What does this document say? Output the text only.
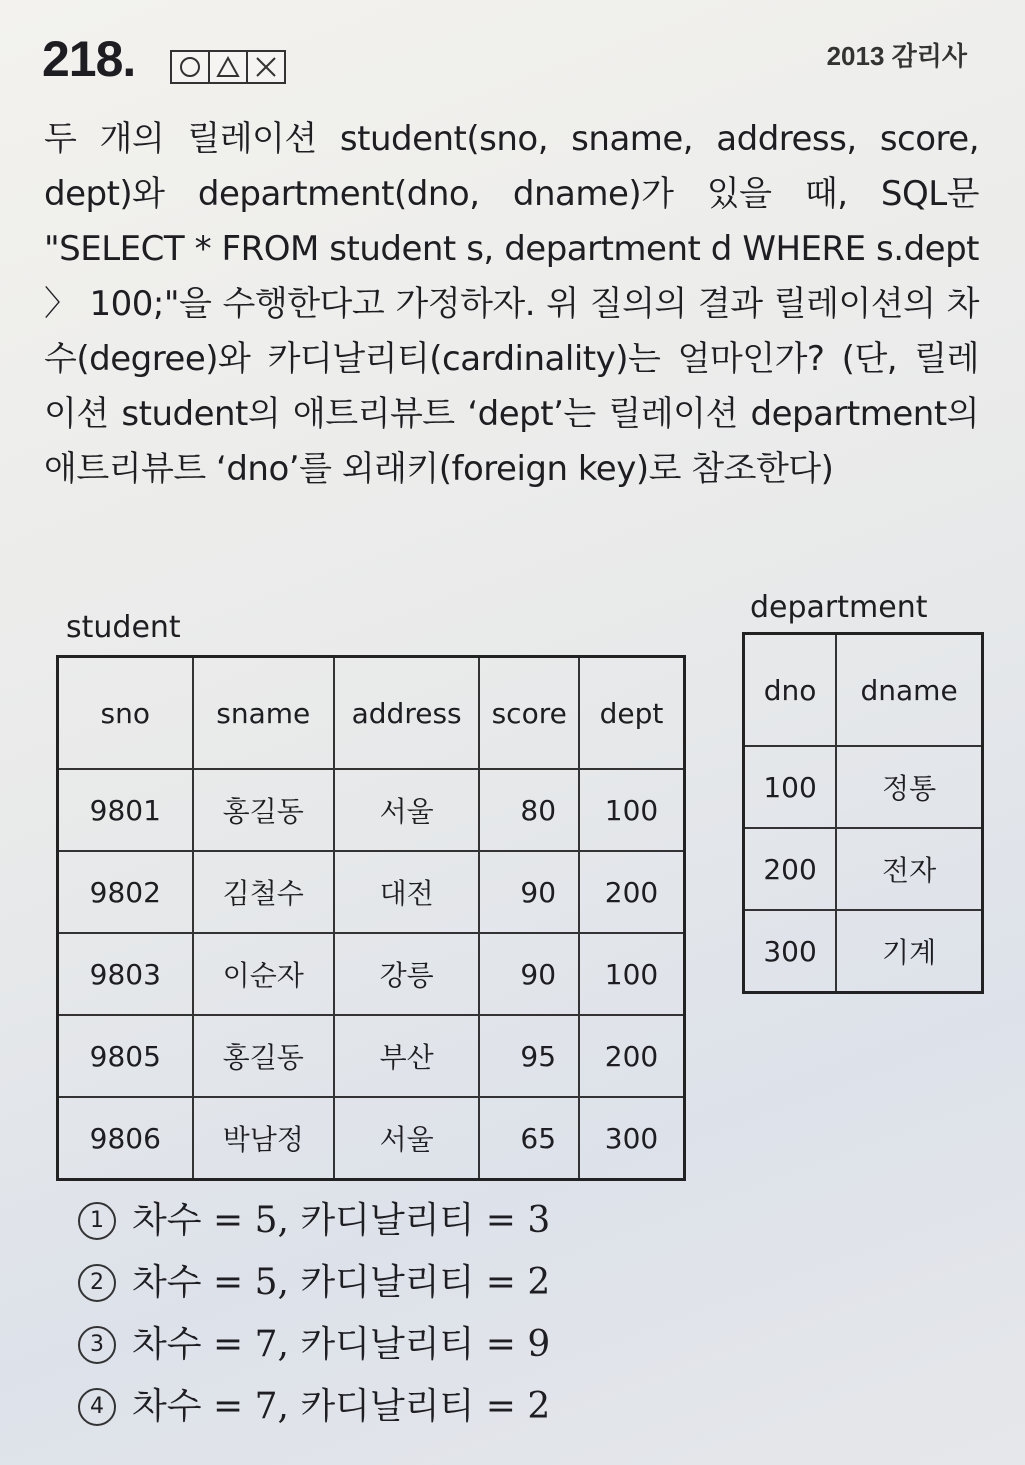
218.	2013 감리사
두 개의 릴레이션 student(sno, sname, address, score, dept)와 department(dno, dname)가 있을 때, SQL문 "SELECT * FROM student s, department d WHERE s.dept 〉 100;"을 수행한다고 가정하자. 위 질의의 결과 릴레이션의 차수(degree)와 카디날리티(cardinality)는 얼마인가? (단, 릴레이션 student의 애트리뷰트 ‘dept’는 릴레이션 department의 애트리뷰트 ‘dno’를 외래키(foreign key)로 참조한다)
student
sno	sname	address	score	dept
9801	홍길동	서울	80	100
9802	김철수	대전	90	200
9803	이순자	강릉	90	100
9805	홍길동	부산	95	200
9806	박남정	서울	65	300
department
dno	dname
100	정통
200	전자
300	기계
1 차수 = 5, 카디날리티 = 3
2 차수 = 5, 카디날리티 = 2
3 차수 = 7, 카디날리티 = 9
4 차수 = 7, 카디날리티 = 2
